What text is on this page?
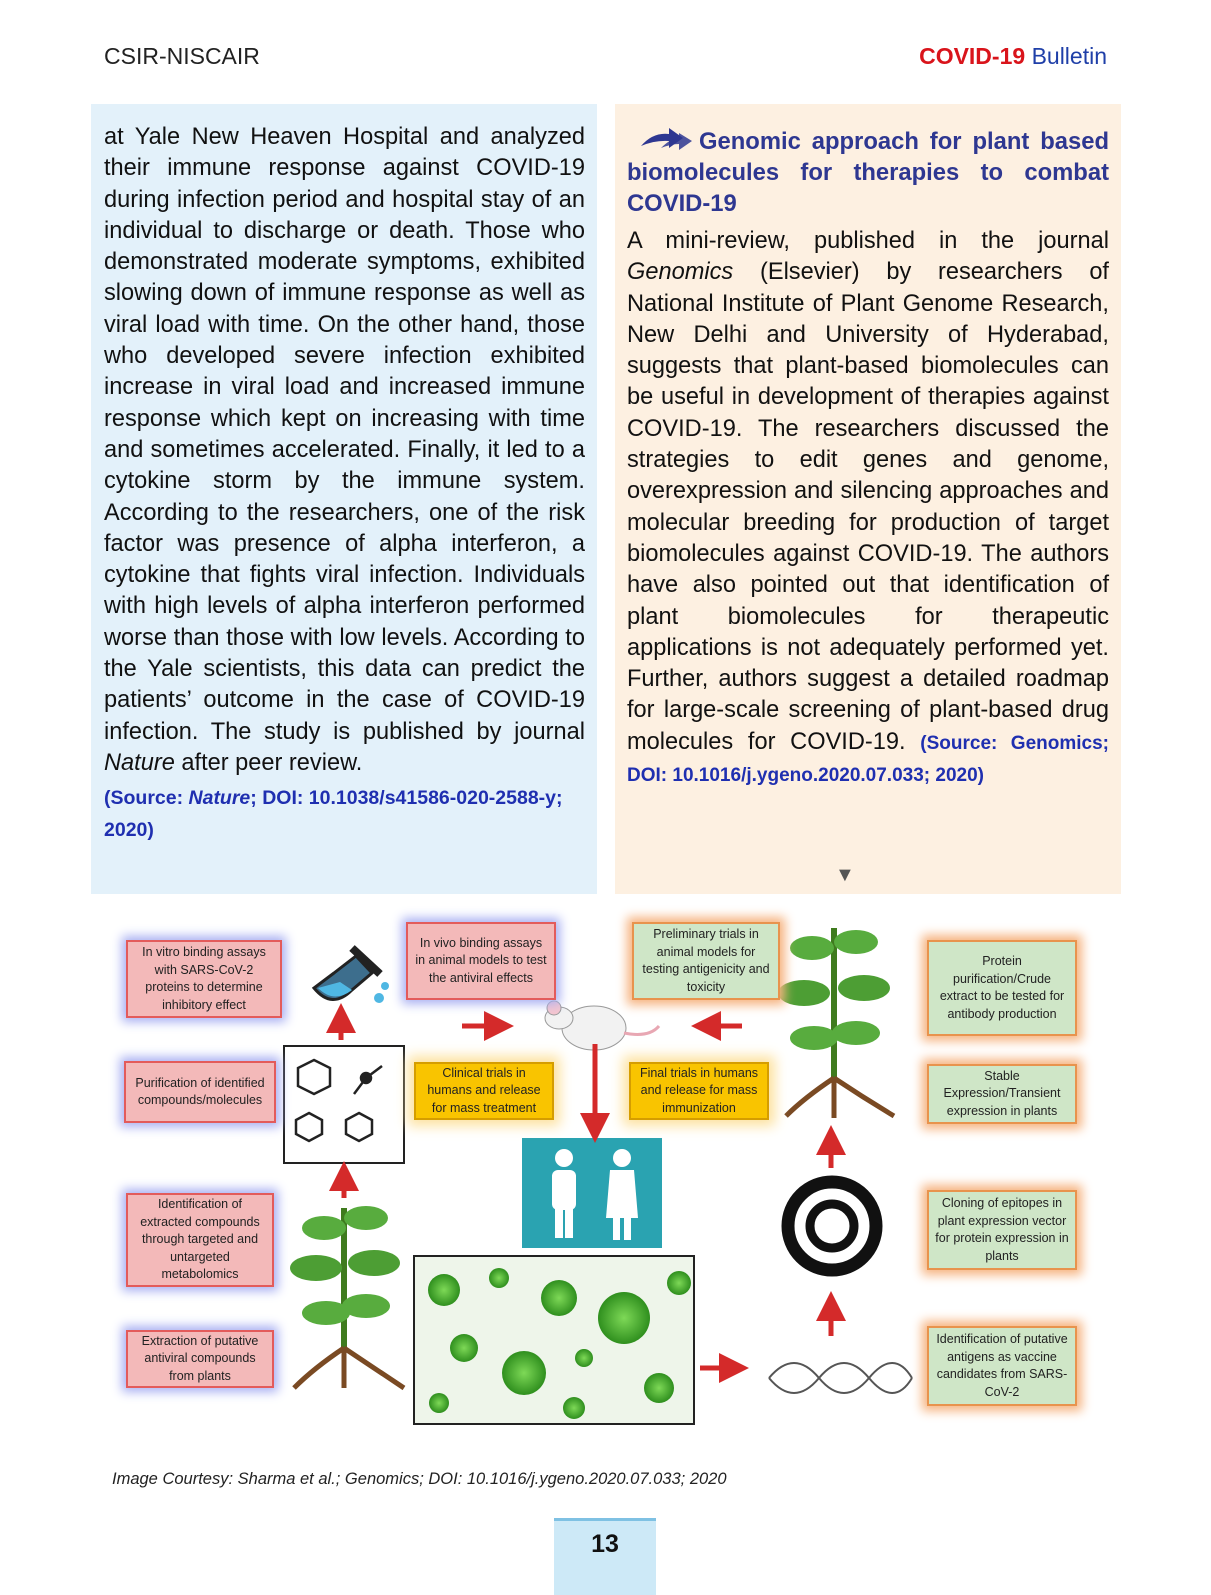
CSIR-NISCAIR	COVID-19 Bulletin

at Yale New Heaven Hospital and analyzed their immune response against COVID-19 during infection period and hospital stay of an individual to discharge or death. Those who demonstrated moderate symptoms, exhibited slowing down of immune response as well as viral load with time. On the other hand, those who developed severe infection exhibited increase in viral load and increased immune response which kept on increasing with time and sometimes accelerated. Finally, it led to a cytokine storm by the immune system. According to the researchers, one of the risk factor was presence of alpha interferon, a cytokine that fights viral infection. Individuals with high levels of alpha interferon performed worse than those with low levels. According to the Yale scientists, this data can predict the patients’ outcome in the case of COVID-19 infection. The study is published by journal Nature after peer review.

(Source: Nature; DOI: 10.1038/s41586-020-2588-y; 2020)
Genomic approach for plant based biomolecules for therapies to combat COVID-19

A mini-review, published in the journal Genomics (Elsevier) by researchers of National Institute of Plant Genome Research, New Delhi and University of Hyderabad, suggests that plant-based biomolecules can be useful in development of therapies against COVID-19. The researchers discussed the strategies to edit genes and genome, overexpression and silencing approaches and molecular breeding for production of target biomolecules against COVID-19. The authors have also pointed out that identification of plant biomolecules for therapeutic applications is not adequately performed yet. Further, authors suggest a detailed roadmap for large-scale screening of plant-based drug molecules for COVID-19. (Source: Genomics; DOI: 10.1016/j.ygeno.2020.07.033; 2020)

▼
In vitro binding assays with SARS-CoV-2 proteins to determine inhibitory effect
Purification of identified compounds/molecules
Identification of extracted compounds through targeted and untargeted metabolomics
Extraction of putative antiviral compounds from plants
In vivo binding assays in animal models to test the antiviral effects
Clinical trials in humans and release for mass treatment
Preliminary trials in animal models for testing antigenicity and toxicity
Final trials in humans and release for mass immunization
Protein purification/Crude extract to be tested for antibody production
Stable Expression/Transient expression in plants
Cloning of epitopes in plant expression vector for protein expression in plants
Identification of putative antigens as vaccine candidates from SARS-CoV-2
Image Courtesy: Sharma et al.; Genomics; DOI: 10.1016/j.ygeno.2020.07.033; 2020
13
